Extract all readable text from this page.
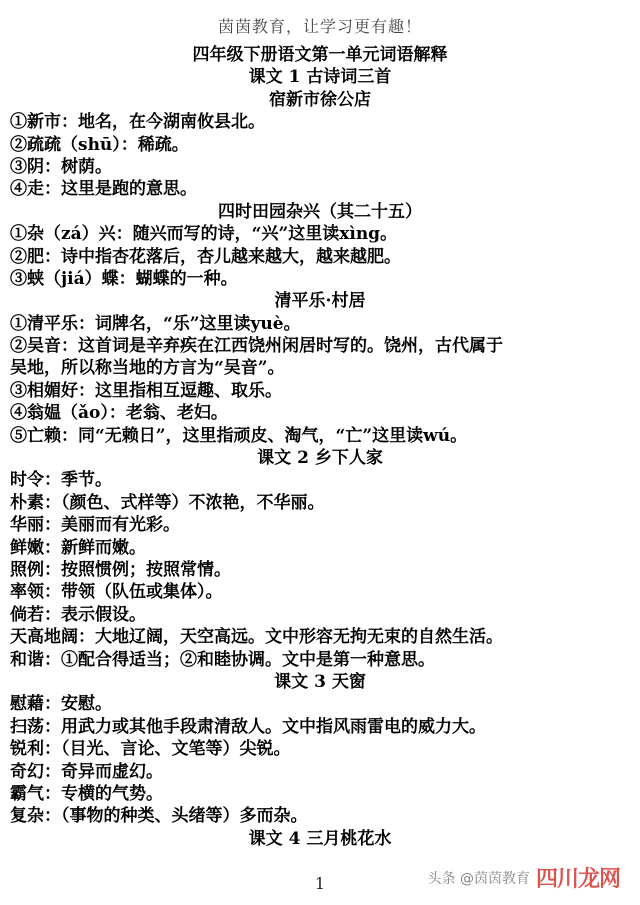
茵茵教育，让学习更有趣！
四年级下册语文第一单元词语解释
课文 1 古诗词三首
宿新市徐公店
①新市：地名，在今湖南攸县北。
②疏疏（shū）：稀疏。
③阴：树荫。
④走：这里是跑的意思。
四时田园杂兴（其二十五）
①杂（zá）兴：随兴而写的诗，“兴”这里读xìng。
②肥：诗中指杏花落后，杏儿越来越大，越来越肥。
③蛱（jiá）蝶：蝴蝶的一种。
清平乐·村居
①清平乐：词牌名，“乐”这里读yuè。
②吴音：这首词是辛弃疾在江西饶州闲居时写的。饶州，古代属于
吴地，所以称当地的方言为“吴音”。
③相媚好：这里指相互逗趣、取乐。
④翁媪（ǎo）：老翁、老妇。
⑤亡赖：同“无赖日”，这里指顽皮、淘气，“亡”这里读wú。
课文 2 乡下人家
时令：季节。
朴素：（颜色、式样等）不浓艳，不华丽。
华丽：美丽而有光彩。
鲜嫩：新鲜而嫩。
照例：按照惯例；按照常情。
率领：带领（队伍或集体）。
倘若：表示假设。
天高地阔：大地辽阔，天空高远。文中形容无拘无束的自然生活。
和谐：①配合得适当；②和睦协调。文中是第一种意思。
课文 3 天窗
慰藉：安慰。
扫荡：用武力或其他手段肃清敌人。文中指风雨雷电的威力大。
锐利：（目光、言论、文笔等）尖锐。
奇幻：奇异而虚幻。
霸气：专横的气势。
复杂：（事物的种类、头绪等）多而杂。
课文 4 三月桃花水
1	头条 @茵茵教育 四川龙网
